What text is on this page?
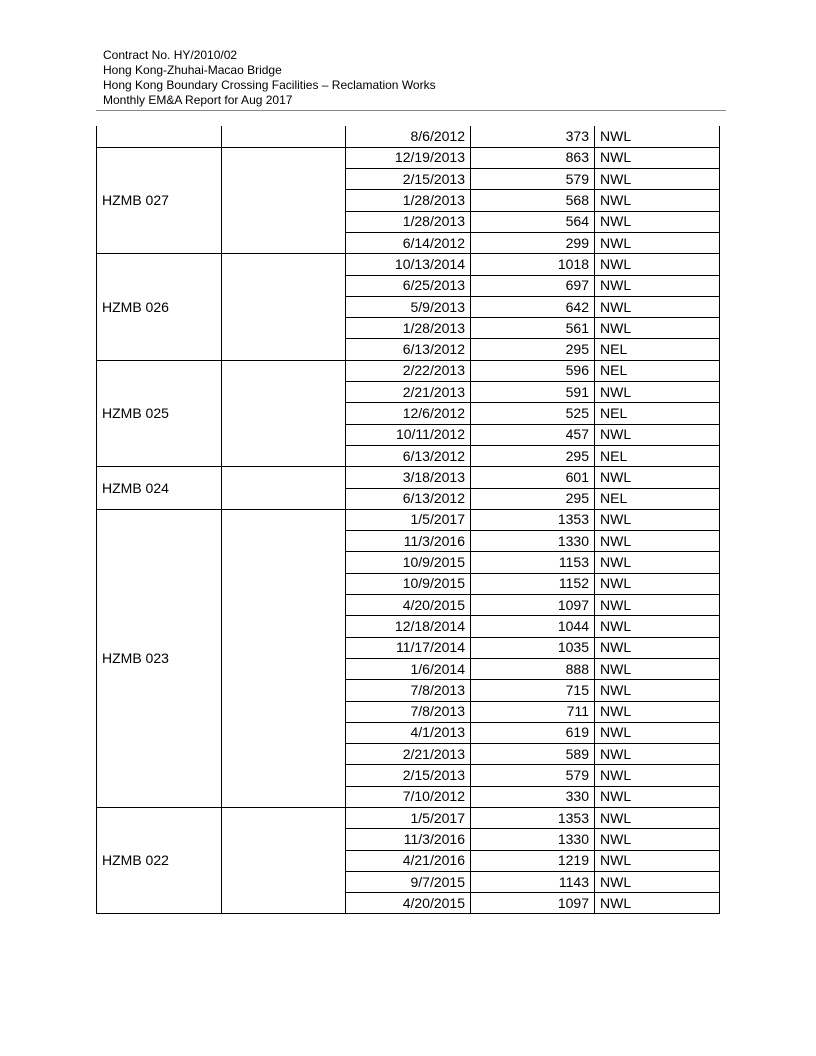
Contract No. HY/2010/02
Hong Kong-Zhuhai-Macao Bridge
Hong Kong Boundary Crossing Facilities – Reclamation Works
Monthly EM&A Report for Aug 2017
		8/6/2012	373	NWL
HZMB 027		12/19/2013	863	NWL
		2/15/2013	579	NWL
		1/28/2013	568	NWL
		1/28/2013	564	NWL
		6/14/2012	299	NWL
HZMB 026		10/13/2014	1018	NWL
		6/25/2013	697	NWL
		5/9/2013	642	NWL
		1/28/2013	561	NWL
		6/13/2012	295	NEL
HZMB 025		2/22/2013	596	NEL
		2/21/2013	591	NWL
		12/6/2012	525	NEL
		10/11/2012	457	NWL
		6/13/2012	295	NEL
HZMB 024		3/18/2013	601	NWL
		6/13/2012	295	NEL
HZMB 023		1/5/2017	1353	NWL
		11/3/2016	1330	NWL
		10/9/2015	1153	NWL
		10/9/2015	1152	NWL
		4/20/2015	1097	NWL
		12/18/2014	1044	NWL
		11/17/2014	1035	NWL
		1/6/2014	888	NWL
		7/8/2013	715	NWL
		7/8/2013	711	NWL
		4/1/2013	619	NWL
		2/21/2013	589	NWL
		2/15/2013	579	NWL
		7/10/2012	330	NWL
HZMB 022		1/5/2017	1353	NWL
		11/3/2016	1330	NWL
		4/21/2016	1219	NWL
		9/7/2015	1143	NWL
		4/20/2015	1097	NWL
